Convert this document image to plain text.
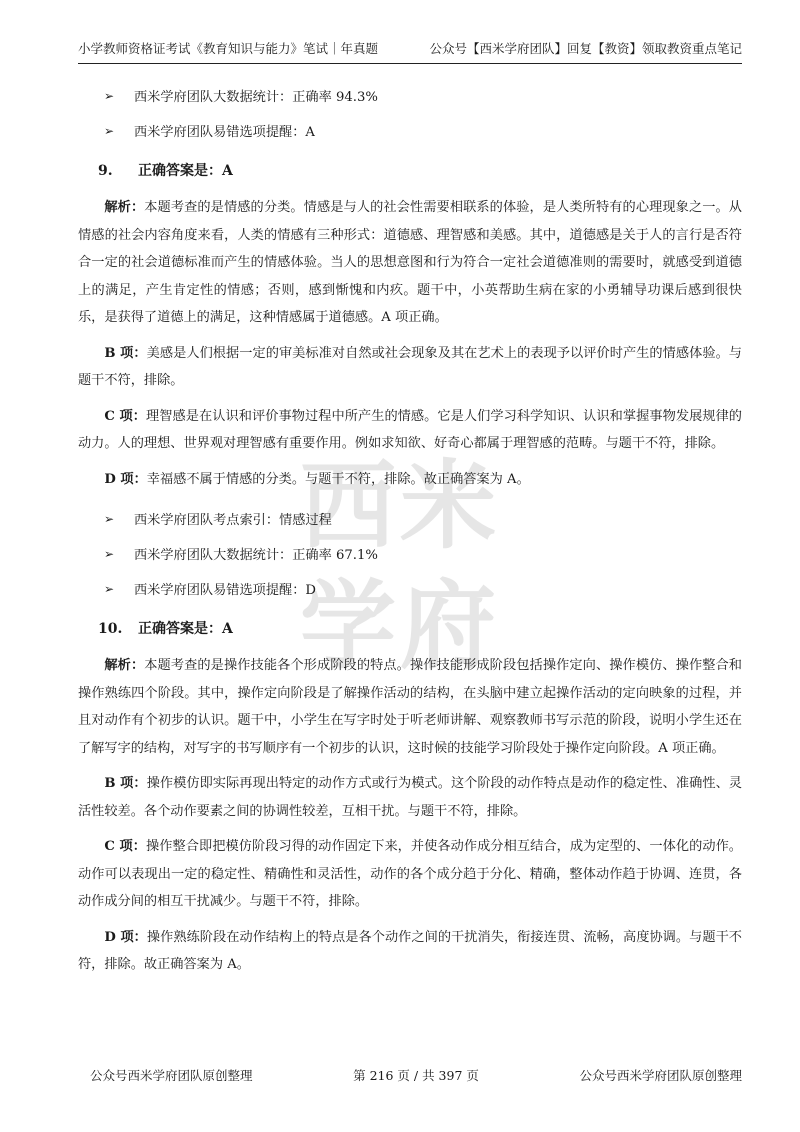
小学教师资格证考试《教育知识与能力》笔试｜年真题	公众号【西米学府团队】回复【教资】领取教资重点笔记
西 米
学 府
➢	西米学府团队大数据统计：正确率 94.3%
➢	西米学府团队易错选项提醒：A
9. 正确答案是：A

解析：本题考查的是情感的分类。情感是与人的社会性需要相联系的体验，是人类所特有的心理现象之一。从情感的社会内容角度来看，人类的情感有三种形式：道德感、理智感和美感。其中，道德感是关于人的言行是否符合一定的社会道德标准而产生的情感体验。当人的思想意图和行为符合一定社会道德准则的需要时，就感受到道德上的满足，产生肯定性的情感；否则，感到惭愧和内疚。题干中，小英帮助生病在家的小勇辅导功课后感到很快乐，是获得了道德上的满足，这种情感属于道德感。A 项正确。

B 项：美感是人们根据一定的审美标准对自然或社会现象及其在艺术上的表现予以评价时产生的情感体验。与题干不符，排除。

C 项：理智感是在认识和评价事物过程中所产生的情感。它是人们学习科学知识、认识和掌握事物发展规律的动力。人的理想、世界观对理智感有重要作用。例如求知欲、好奇心都属于理智感的范畴。与题干不符，排除。

D 项：幸福感不属于情感的分类。与题干不符，排除。故正确答案为 A。

➢	西米学府团队考点索引：情感过程
➢	西米学府团队大数据统计：正确率 67.1%
➢	西米学府团队易错选项提醒：D
10. 正确答案是：A

解析：本题考查的是操作技能各个形成阶段的特点。操作技能形成阶段包括操作定向、操作模仿、操作整合和操作熟练四个阶段。其中，操作定向阶段是了解操作活动的结构，在头脑中建立起操作活动的定向映象的过程，并且对动作有个初步的认识。题干中，小学生在写字时处于听老师讲解、观察教师书写示范的阶段，说明小学生还在了解写字的结构，对写字的书写顺序有一个初步的认识，这时候的技能学习阶段处于操作定向阶段。A 项正确。

B 项：操作模仿即实际再现出特定的动作方式或行为模式。这个阶段的动作特点是动作的稳定性、准确性、灵活性较差。各个动作要素之间的协调性较差，互相干扰。与题干不符，排除。

C 项：操作整合即把模仿阶段习得的动作固定下来，并使各动作成分相互结合，成为定型的、一体化的动作。动作可以表现出一定的稳定性、精确性和灵活性，动作的各个成分趋于分化、精确，整体动作趋于协调、连贯，各动作成分间的相互干扰减少。与题干不符，排除。

D 项：操作熟练阶段在动作结构上的特点是各个动作之间的干扰消失，衔接连贯、流畅，高度协调。与题干不符，排除。故正确答案为 A。

公众号西米学府团队原创整理	第 216 页 / 共 397 页	公众号西米学府团队原创整理
